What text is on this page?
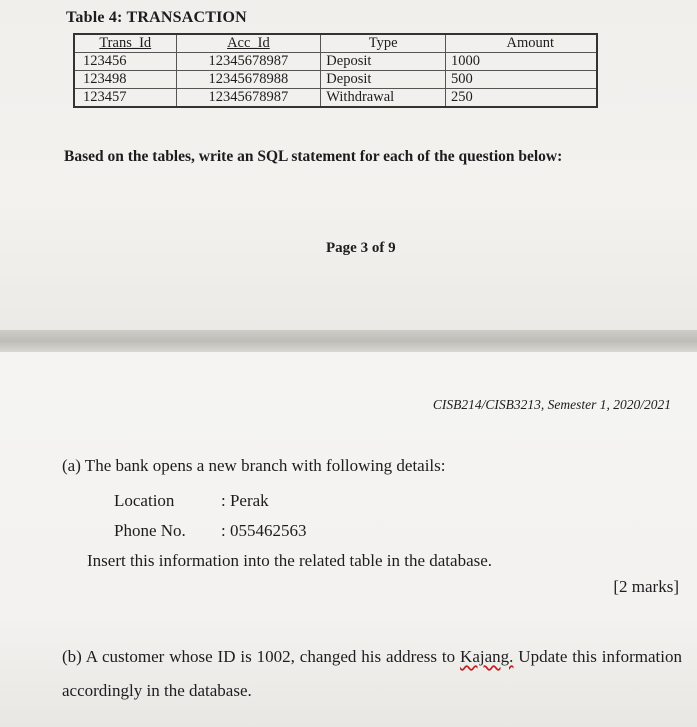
Table 4: TRANSACTION
Trans_Id	Acc_Id	Type	Amount
123456	12345678987	Deposit	1000
123498	12345678988	Deposit	500
123457	12345678987	Withdrawal	250
Based on the tables, write an SQL statement for each of the question below:
Page 3 of 9
CISB214/CISB3213, Semester 1, 2020/2021
(a) The bank opens a new branch with following details:
Location	: Perak
Phone No. : 055462563
Insert this information into the related table in the database.
[2 marks]
(b) A customer whose ID is 1002, changed his address to Kajang. Update this information accordingly in the database.
